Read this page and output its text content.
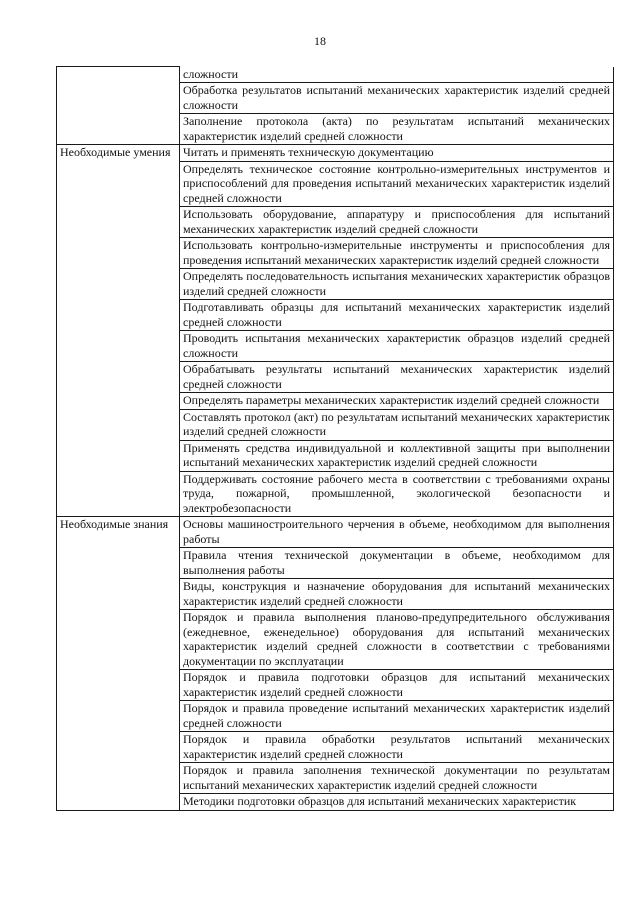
18
	сложности
	Обработка результатов испытаний механических характеристик изделий средней сложности
	Заполнение протокола (акта) по результатам испытаний механических характеристик изделий средней сложности
Необходимые умения	Читать и применять техническую документацию
	Определять техническое состояние контрольно-измерительных инструментов и приспособлений для проведения испытаний механических характеристик изделий средней сложности
	Использовать оборудование, аппаратуру и приспособления для испытаний механических характеристик изделий средней сложности
	Использовать контрольно-измерительные инструменты и приспособления для проведения испытаний механических характеристик изделий средней сложности
	Определять последовательность испытания механических характеристик образцов изделий средней сложности
	Подготавливать образцы для испытаний механических характеристик изделий средней сложности
	Проводить испытания механических характеристик образцов изделий средней сложности
	Обрабатывать результаты испытаний механических характеристик изделий средней сложности
	Определять параметры механических характеристик изделий средней сложности
	Составлять протокол (акт) по результатам испытаний механических характеристик изделий средней сложности
	Применять средства индивидуальной и коллективной защиты при выполнении испытаний механических характеристик изделий средней сложности
	Поддерживать состояние рабочего места в соответствии с требованиями охраны труда, пожарной, промышленной, экологической безопасности и электробезопасности
Необходимые знания	Основы машиностроительного черчения в объеме, необходимом для выполнения работы
	Правила чтения технической документации в объеме, необходимом для выполнения работы
	Виды, конструкция и назначение оборудования для испытаний механических характеристик изделий средней сложности
	Порядок и правила выполнения планово-предупредительного обслуживания (ежедневное, еженедельное) оборудования для испытаний механических характеристик изделий средней сложности в соответствии с требованиями документации по эксплуатации
	Порядок и правила подготовки образцов для испытаний механических характеристик изделий средней сложности
	Порядок и правила проведение испытаний механических характеристик изделий средней сложности
	Порядок и правила обработки результатов испытаний механических характеристик изделий средней сложности
	Порядок и правила заполнения технической документации по результатам испытаний механических характеристик изделий средней сложности
	Методики подготовки образцов для испытаний механических характеристик
